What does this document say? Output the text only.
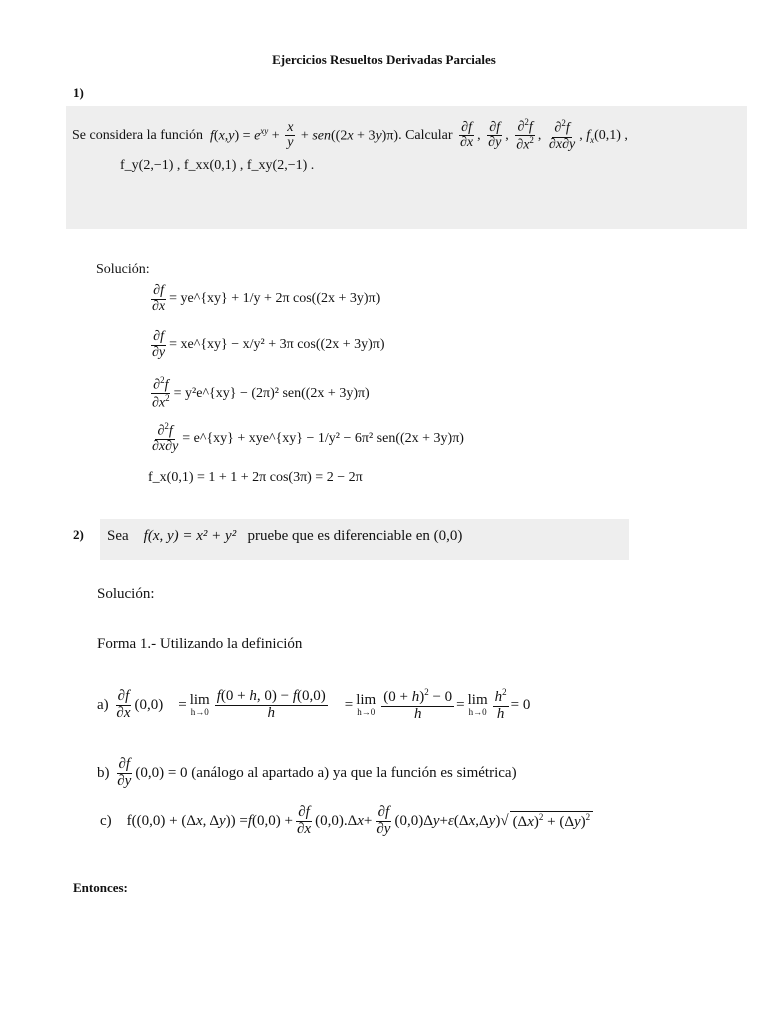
Ejercicios Resueltos Derivadas Parciales
1)
Se considera la función
$f(x,y) = e^{xy} + \frac{x}{y} + sen((2x + 3y)\pi)$ . Calcular
$\frac{\partial f}{\partial x}$ , $\frac{\partial f}{\partial y}$ , $\frac{\partial^2f}{\partial x^2}$ , $\frac{\partial^2f}{\partial x\partial y}$ , $f_x(0,1)$ ,
f_y(2,−1) , f_xx(0,1) , f_xy(2,−1) .
Solución:
$\frac{\partial f}{\partial x}$ = ye^{xy} + 1/y + 2π cos((2x + 3y)π)
$\frac{\partial f}{\partial y}$ = xe^{xy} − x/y² + 3π cos((2x + 3y)π)
$\frac{\partial^2f}{\partial x^2}$ = y²e^{xy} − (2π)² sen((2x + 3y)π)
$\frac{\partial^2f}{\partial x\partial y}$ = e^{xy} + xye^{xy} − 1/y² − 6π² sen((2x + 3y)π)
f_x(0,1) = 1 + 1 + 2π cos(3π) = 2 − 2π
2) Sea f(x, y) = x² + y² pruebe que es diferenciable en (0,0)
Solución:
Forma 1.- Utilizando la definición
a)
$\frac{\partial f}{\partial x} (0,0)$    = lim
$h\to 0 \frac{f(0 + h, 0) - f(0,0)}{h} = \lim$
$h\to 0 \frac{(0 + h)^2 - 0}{h} = \lim$
$h\to 0 \frac{h^2}{h} = 0$
b)
$\frac{\partial f}{\partial y} (0,0) = 0$ (análogo al apartado a) ya que la función es simétrica)
c) f((0,0) + (Δ x , Δ y )) = f $(0,0) + \frac{\partial f}{\partial x} (0,0).\Delta$ $x + \frac{\partial f}{\partial y} (0,0)\Delta$ y + ε (Δ x ,Δ y )√ $(\Delta x)^2 + (\Delta y)^2$
Entonces:
